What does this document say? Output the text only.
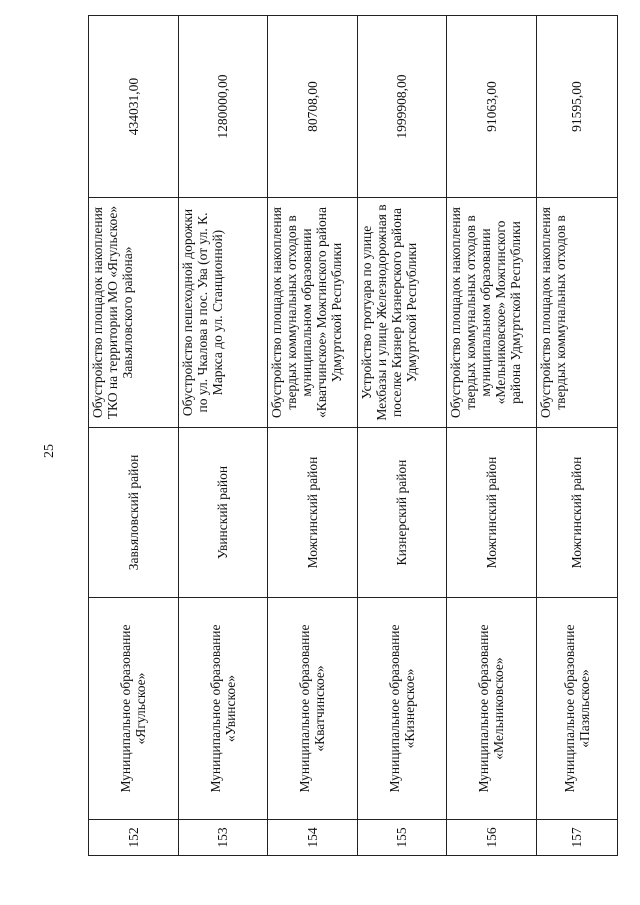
25
152	Муниципальное образование «Ягульское»	Завьяловский район	Обустройство площадок накопления ТКО на территории МО «Ягульское» Завьяловского района»	434031,00
153	Муниципальное образование «Увинское»	Увинский район	Обустройство пешеходной дорожки по ул. Чкалова в пос. Ува (от ул. К. Маркса до ул. Станционной)	1280000,00
154	Муниципальное образование «Кватчинское»	Можгинский район	Обустройство площадок накопления твердых коммунальных отходов в муниципальном образовании «Кватчинское» Можгинского района Удмуртской Республики	80708,00
155	Муниципальное образование «Кизнерское»	Кизнерский район	Устройство тротуара по улице Мехбазы и улице Железнодорожная в поселке Кизнер Кизнерского района Удмуртской Республики	1999908,00
156	Муниципальное образование «Мельниковское»	Можгинский район	Обустройство площадок накопления твердых коммунальных отходов в муниципальном образовании «Мельниковское» Можгинского района Удмуртской Республики	91063,00
157	Муниципальное образование «Пазяльское»	Можгинский район	Обустройство площадок накопления твердых коммунальных отходов в	91595,00
